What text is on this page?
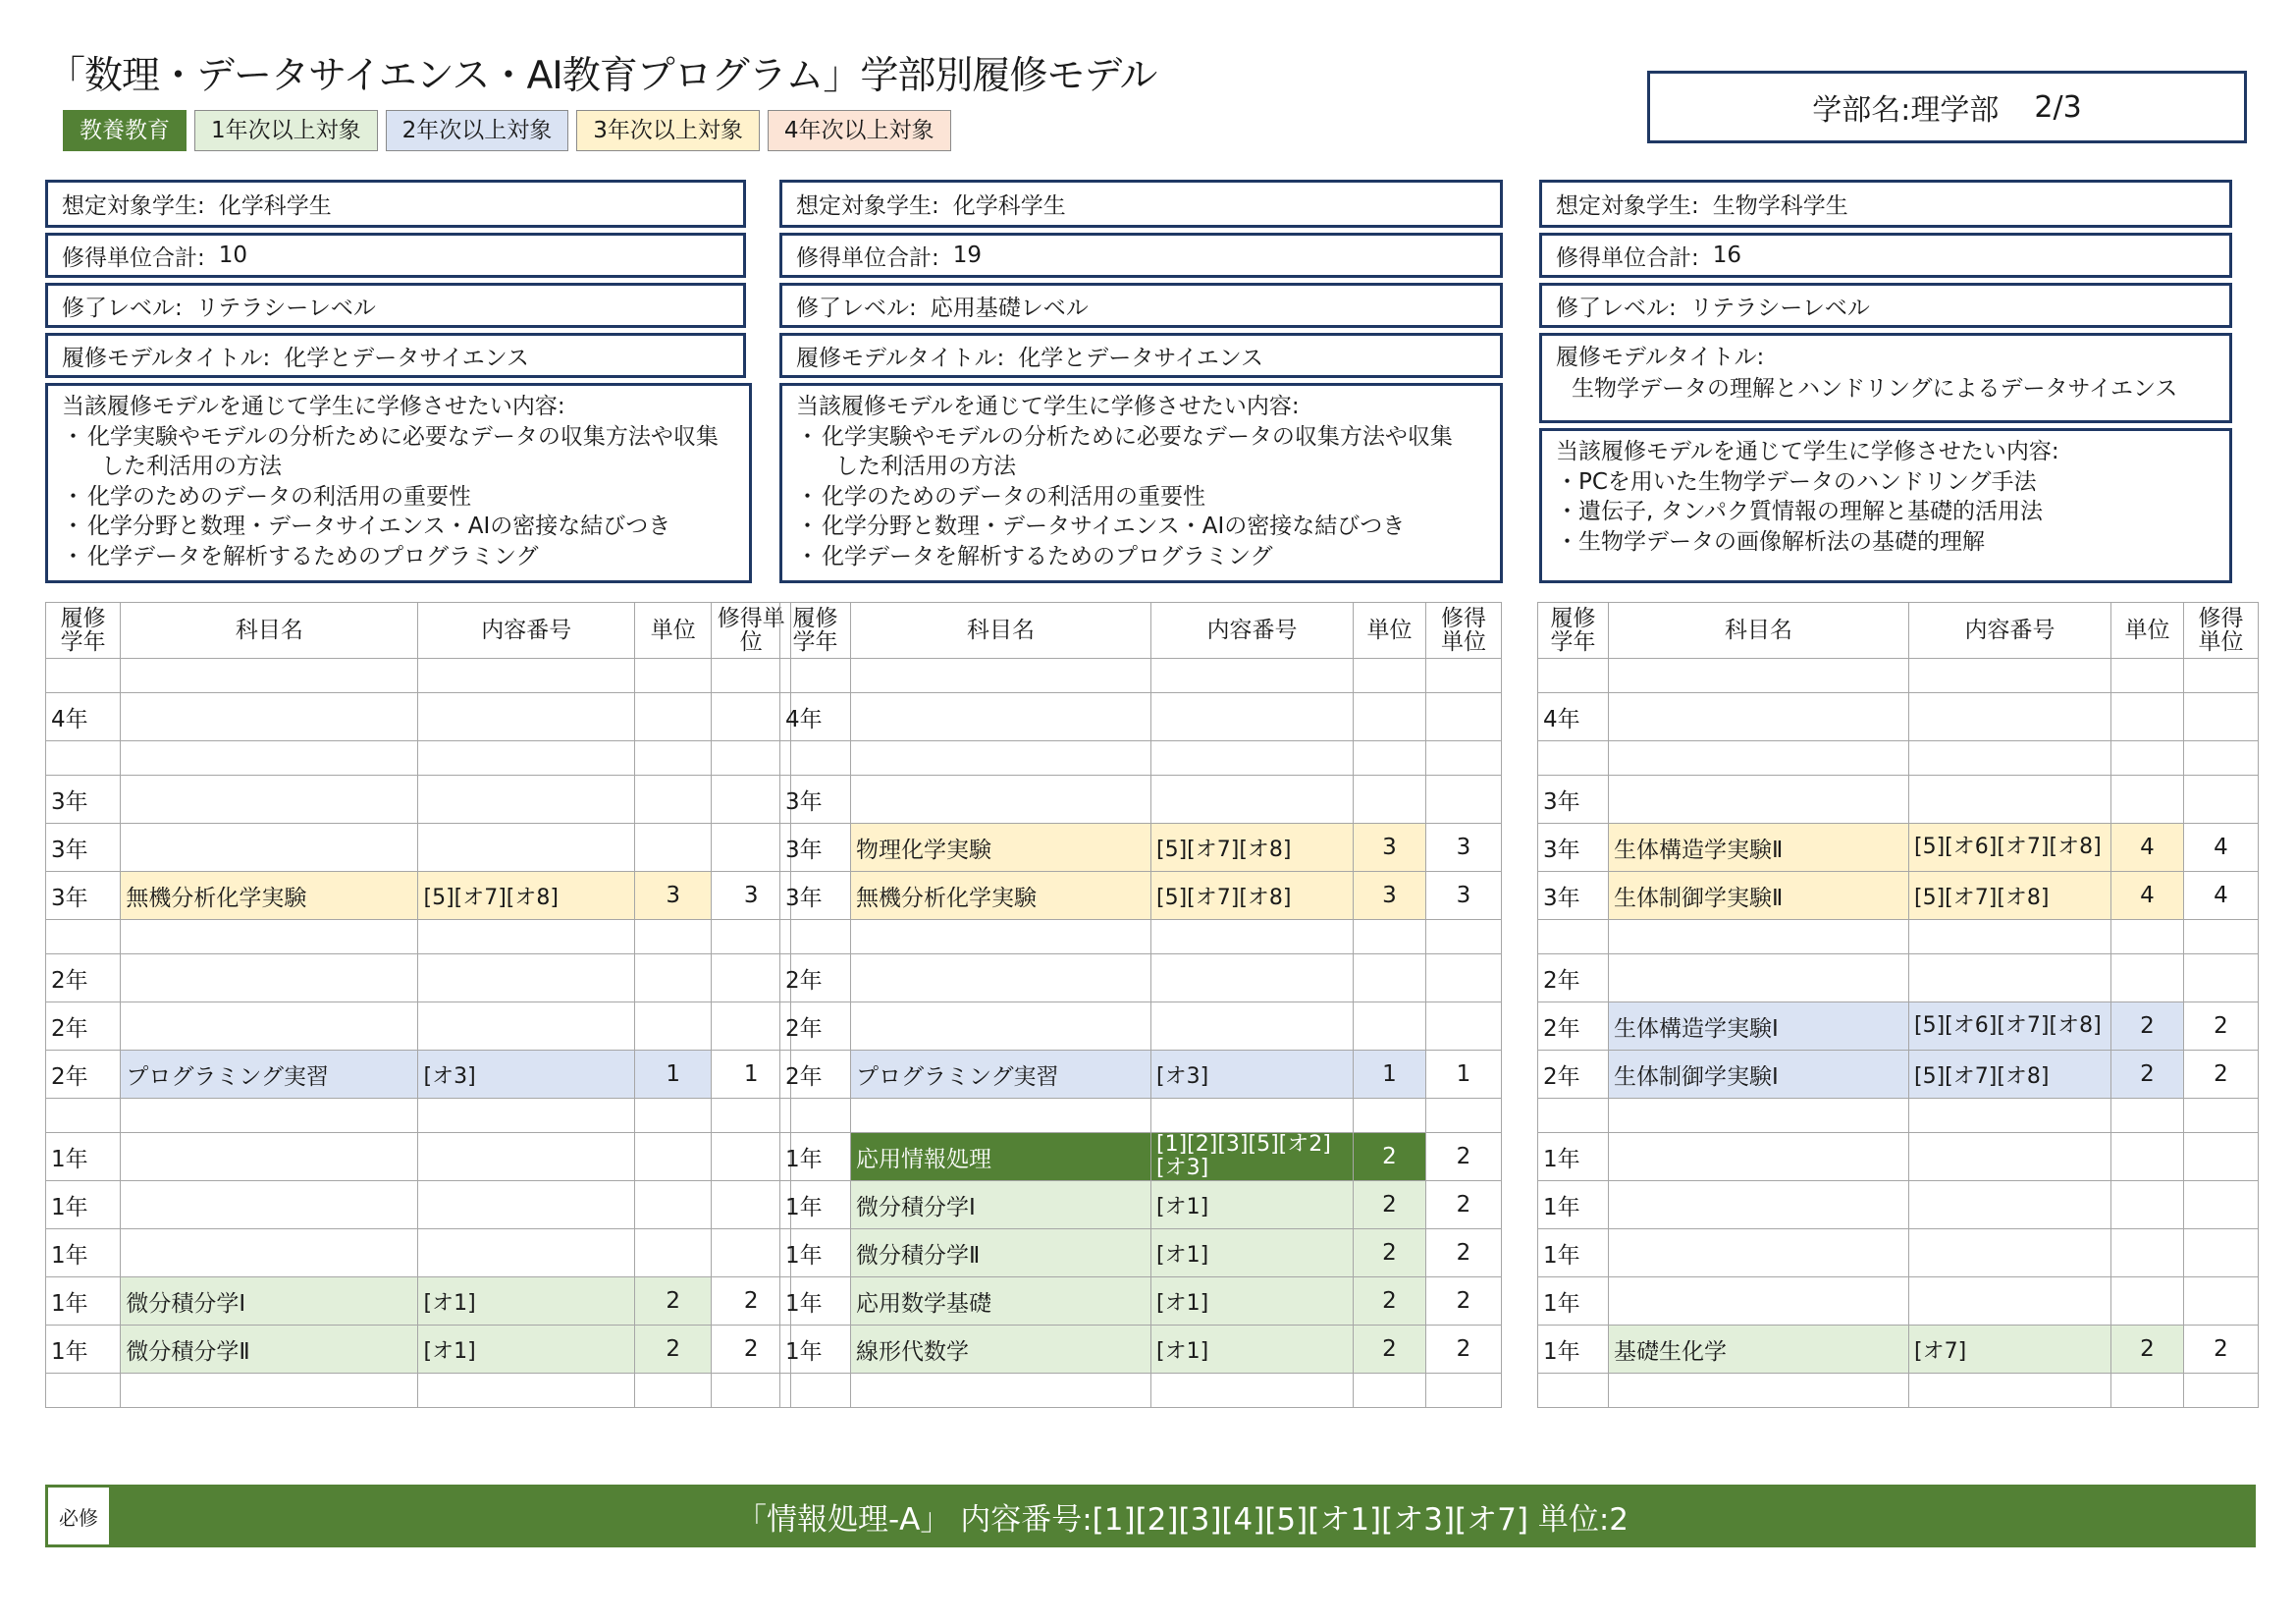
「数理・データサイエンス・AI教育プログラム」学部別履修モデル
教養教育	1年次以上対象	2年次以上対象	3年次以上対象	4年次以上対象
学部名:理学部 2/3
想定対象学生: 化学科学生
修得単位合計: 10
修了レベル: リテラシーレベル
履修モデルタイトル: 化学とデータサイエンス
当該履修モデルを通じて学生に学修させたい内容:
・ 化学実験やモデルの分析ために必要なデータの収集方法や収集
した利活用の方法
・ 化学のためのデータの利活用の重要性
・ 化学分野と数理・データサイエンス・AIの密接な結びつき
・ 化学データを解析するためのプログラミング
想定対象学生: 化学科学生
修得単位合計: 19
修了レベル: 応用基礎レベル
履修モデルタイトル: 化学とデータサイエンス
当該履修モデルを通じて学生に学修させたい内容:
・ 化学実験やモデルの分析ために必要なデータの収集方法や収集
した利活用の方法
・ 化学のためのデータの利活用の重要性
・ 化学分野と数理・データサイエンス・AIの密接な結びつき
・ 化学データを解析するためのプログラミング
想定対象学生: 生物学科学生
修得単位合計: 16
修了レベル: リテラシーレベル
履修モデルタイトル:
生物学データの理解とハンドリングによるデータサイエンス
当該履修モデルを通じて学生に学修させたい内容:
・PCを用いた生物学データのハンドリング手法
・遺伝子, タンパク質情報の理解と基礎的活用法
・生物学データの画像解析法の基礎的理解
履修学年	科目名	内容番号	単位	修得単位

4年				

3年				
3年				
3年	無機分析化学実験	[5][オ7][オ8]	3	3

2年				
2年				
2年	プログラミング実習	[オ3]	1	1

1年				
1年				
1年				
1年	微分積分学Ⅰ	[オ1]	2	2
1年	微分積分学Ⅱ	[オ1]	2	2

履修学年	科目名	内容番号	単位	修得単位

4年				

3年				
3年	物理化学実験	[5][オ7][オ8]	3	3
3年	無機分析化学実験	[5][オ7][オ8]	3	3

2年				
2年				
2年	プログラミング実習	[オ3]	1	1

1年	応用情報処理	[1][2][3][5][オ2][オ3]	2	2
1年	微分積分学Ⅰ	[オ1]	2	2
1年	微分積分学Ⅱ	[オ1]	2	2
1年	応用数学基礎	[オ1]	2	2
1年	線形代数学	[オ1]	2	2

履修学年	科目名	内容番号	単位	修得単位

4年				

3年				
3年	生体構造学実験Ⅱ	[5][オ6][オ7][オ8]	4	4
3年	生体制御学実験Ⅱ	[5][オ7][オ8]	4	4

2年				
2年	生体構造学実験Ⅰ	[5][オ6][オ7][オ8]	2	2
2年	生体制御学実験Ⅰ	[5][オ7][オ8]	2	2

1年				
1年				
1年				
1年				
1年	基礎生化学	[オ7]	2	2

必修	「情報処理-A」 内容番号:[1][2][3][4][5][オ1][オ3][オ7] 単位:2
